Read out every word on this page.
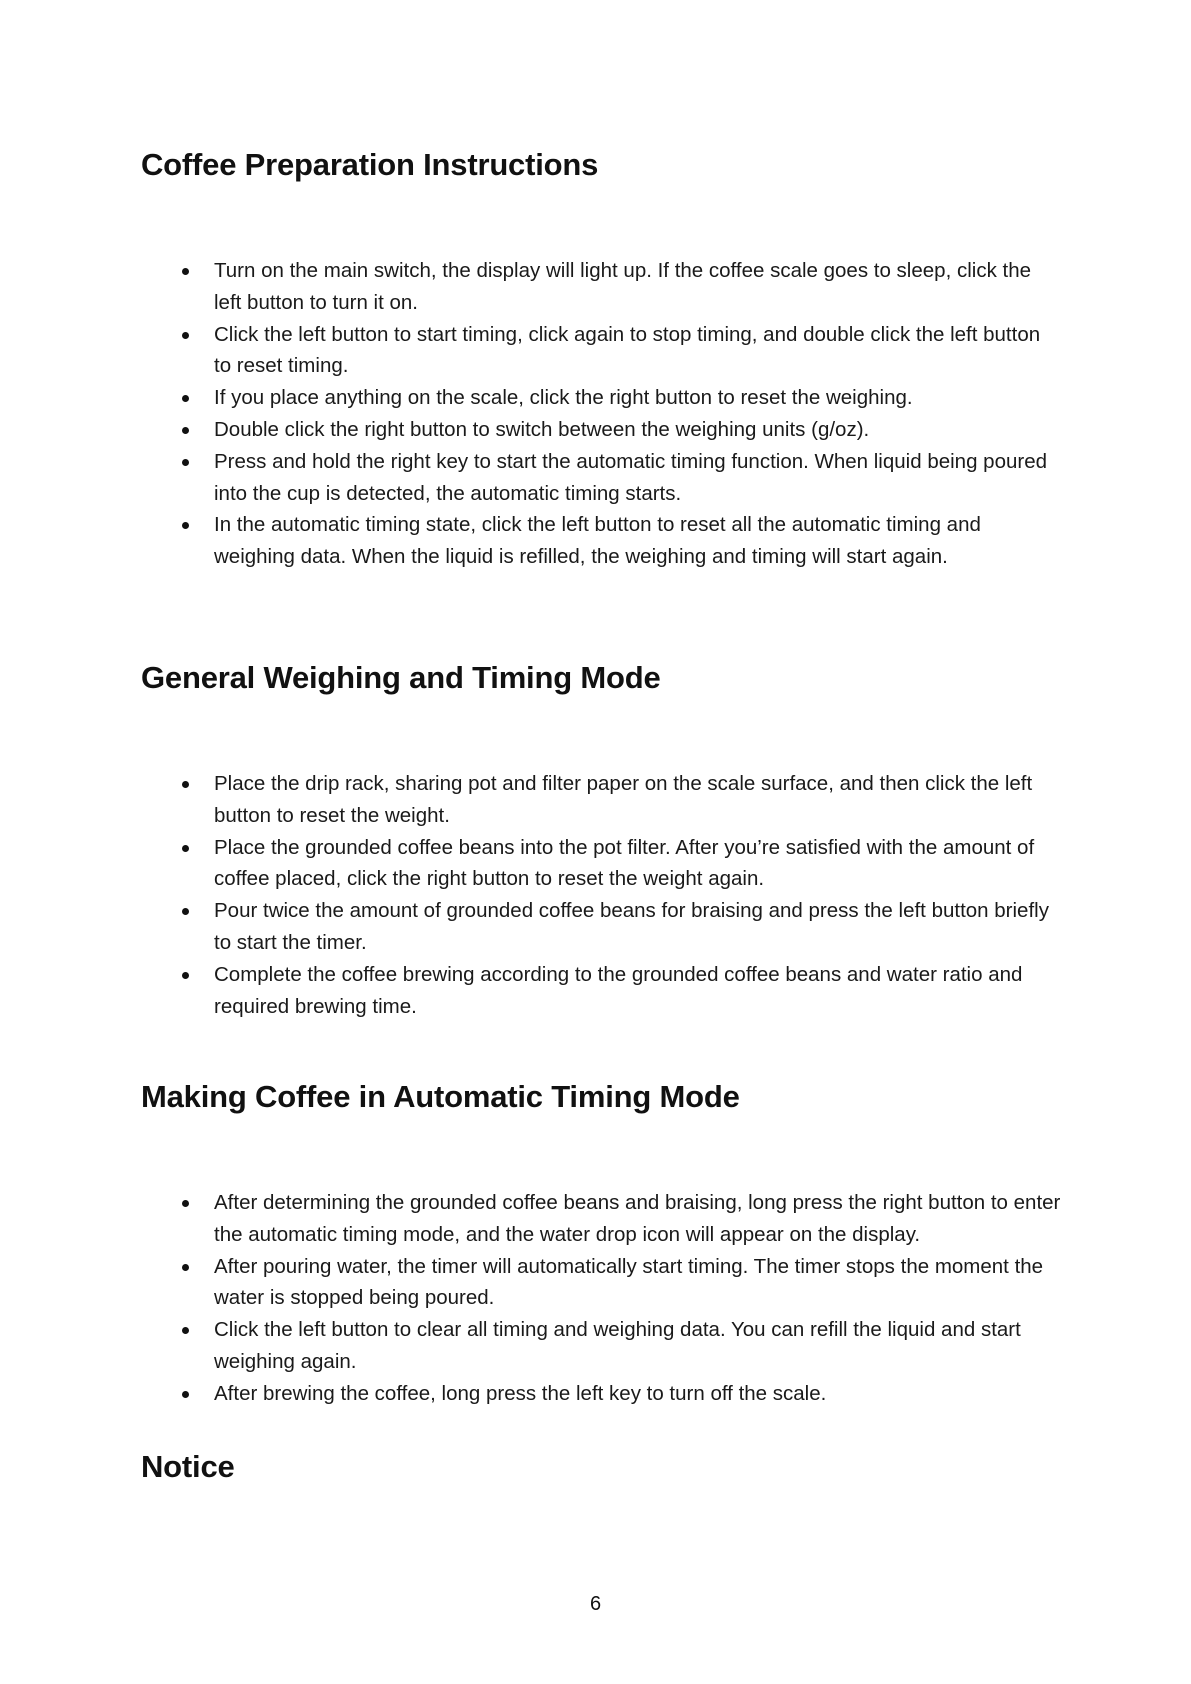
Coffee Preparation Instructions
Turn on the main switch, the display will light up. If the coffee scale goes to sleep, click the left button to turn it on.
Click the left button to start timing, click again to stop timing, and double click the left button to reset timing.
If you place anything on the scale, click the right button to reset the weighing.
Double click the right button to switch between the weighing units (g/oz).
Press and hold the right key to start the automatic timing function. When liquid being poured into the cup is detected, the automatic timing starts.
In the automatic timing state, click the left button to reset all the automatic timing and weighing data. When the liquid is refilled, the weighing and timing will start again.
General Weighing and Timing Mode
Place the drip rack, sharing pot and filter paper on the scale surface, and then click the left button to reset the weight.
Place the grounded coffee beans into the pot filter. After you’re satisfied with the amount of coffee placed, click the right button to reset the weight again.
Pour twice the amount of grounded coffee beans for braising and press the left button briefly to start the timer.
Complete the coffee brewing according to the grounded coffee beans and water ratio and required brewing time.
Making Coffee in Automatic Timing Mode
After determining the grounded coffee beans and braising, long press the right button to enter the automatic timing mode, and the water drop icon will appear on the display.
After pouring water, the timer will automatically start timing. The timer stops the moment the water is stopped being poured.
Click the left button to clear all timing and weighing data. You can refill the liquid and start weighing again.
After brewing the coffee, long press the left key to turn off the scale.
Notice
6
